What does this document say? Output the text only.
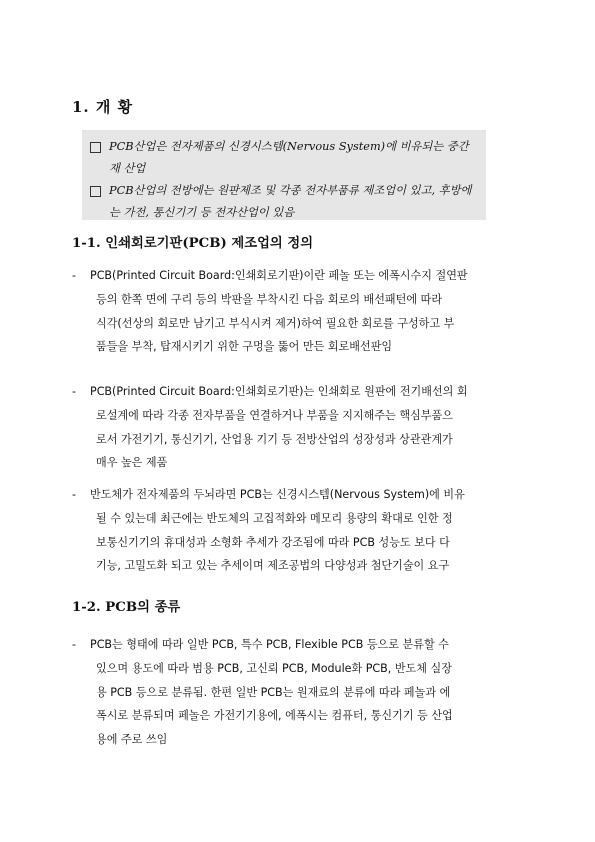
1. 개 황
PCB산업은 전자제품의 신경시스템(Nervous System)에 비유되는 중간재 산업
PCB산업의 전방에는 원판제조 및 각종 전자부품류 제조업이 있고, 후방에는 가전, 통신기기 등 전자산업이 있음
1-1. 인쇄회로기판(PCB) 제조업의 정의
-	PCB(Printed Circuit Board:인쇄회로기판)이란 페놀 또는 에폭시수지 절연판
등의 한쪽 면에 구리 등의 박판을 부착시킨 다음 회로의 배선패턴에 따라
식각(선상의 회로만 남기고 부식시켜 제거)하여 필요한 회로를 구성하고 부
품들을 부착, 탑재시키기 위한 구멍을 뚫어 만든 회로배선판임
-	PCB(Printed Circuit Board:인쇄회로기판)는 인쇄회로 원판에 전기배선의 회
로설계에 따라 각종 전자부품을 연결하거나 부품을 지지해주는 핵심부품으
로서 가전기기, 통신기기, 산업용 기기 등 전방산업의 성장성과 상관관계가
매우 높은 제품
-	반도체가 전자제품의 두뇌라면 PCB는 신경시스템(Nervous System)에 비유
될 수 있는데 최근에는 반도체의 고집적화와 메모리 용량의 확대로 인한 정
보통신기기의 휴대성과 소형화 추세가 강조됨에 따라 PCB 성능도 보다 다
기능, 고밀도화 되고 있는 추세이며 제조공법의 다양성과 첨단기술이 요구
1-2. PCB의 종류
-	PCB는 형태에 따라 일반 PCB, 특수 PCB, Flexible PCB 등으로 분류할 수
있으며 용도에 따라 범용 PCB, 고신뢰 PCB, Module화 PCB, 반도체 실장
용 PCB 등으로 분류됨. 한편 일반 PCB는 원재료의 분류에 따라 페놀과 에
폭시로 분류되며 페놀은 가전기기용에, 에폭시는 컴퓨터, 통신기기 등 산업
용에 주로 쓰임
